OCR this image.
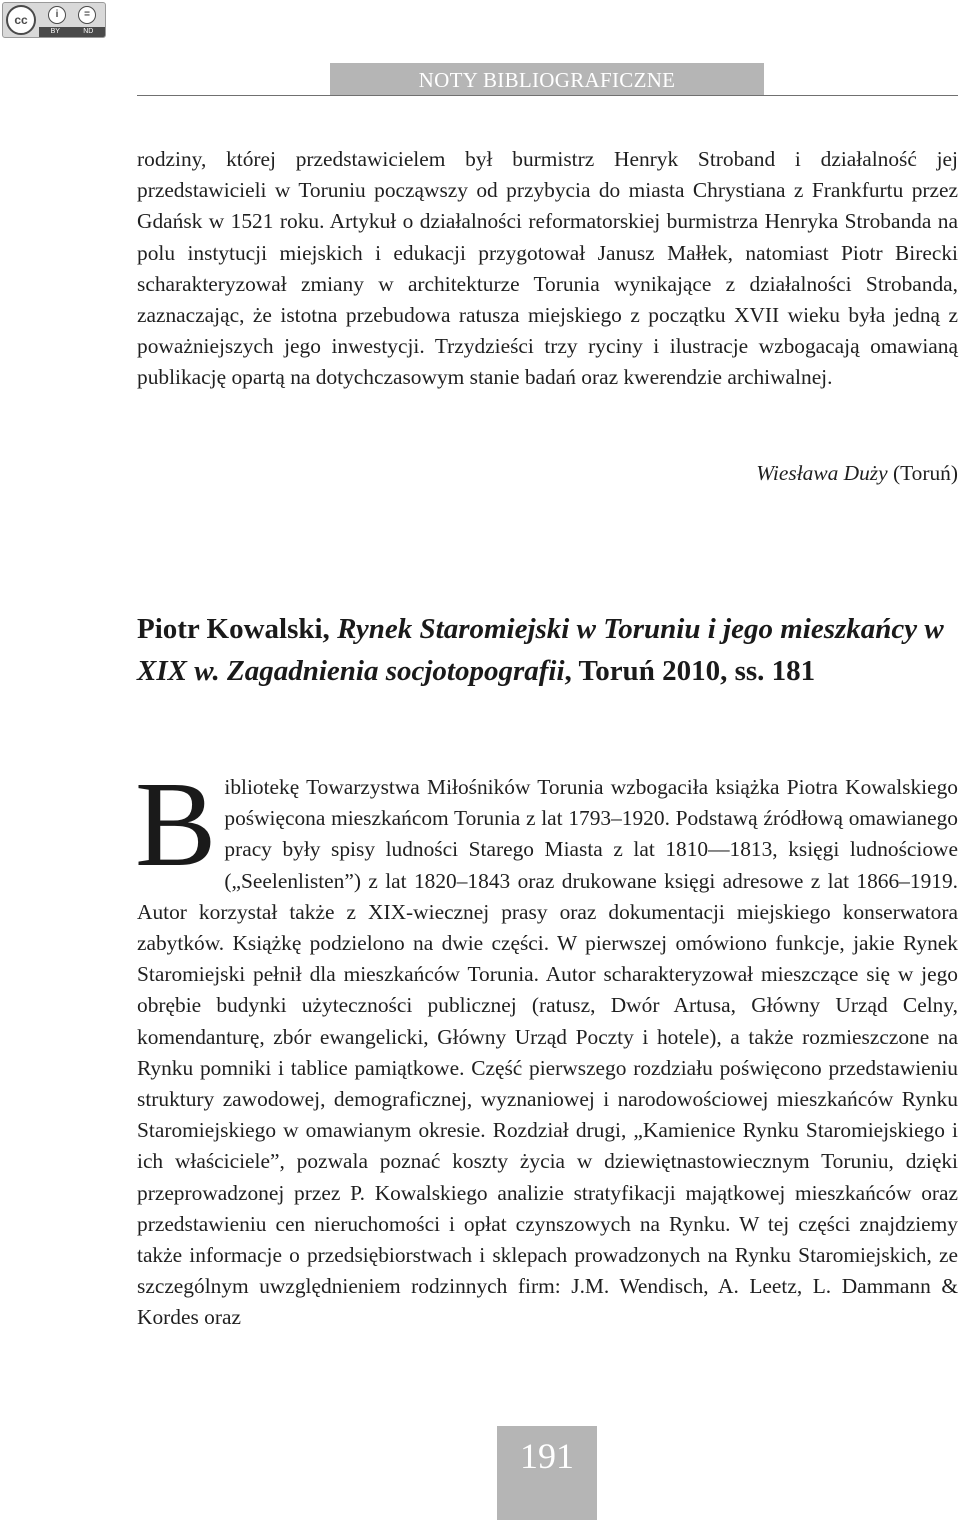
cc	i	=
BY	ND
NOTY BIBLIOGRAFICZNE

rodziny, której przedstawicielem był burmistrz Henryk Stroband i działalność jej przedstawicieli w Toruniu począwszy od przybycia do miasta Chrystiana z Frankfurtu przez Gdańsk w 1521 roku. Artykuł o działalności reformatorskiej burmistrza Henryka Strobanda na polu instytucji miejskich i edukacji przygotował Janusz Małłek, natomiast Piotr Birecki scharakteryzował zmiany w architekturze Torunia wynikające z działalności Strobanda, zaznaczając, że istotna przebudowa ratusza miejskiego z początku XVII wieku była jedną z poważniejszych jego inwestycji. Trzydzieści trzy ryciny i ilustracje wzbogacają omawianą publikację opartą na dotychczasowym stanie badań oraz kwerendzie archiwalnej.

Wiesława Duży (Toruń)
Piotr Kowalski, Rynek Staromiejski w Toruniu i jego mieszkańcy w XIX w. Zagadnienia socjotopografii, Toruń 2010, ss. 181

Bibliotekę Towarzystwa Miłośników Torunia wzbogaciła książka Piotra Kowalskiego poświęcona mieszkańcom Torunia z lat 1793–1920. Podstawą źródłową omawianego pracy były spisy ludności Starego Miasta z lat 1810––1813, księgi ludnościowe („Seelenlisten”) z lat 1820–1843 oraz drukowane księgi adresowe z lat 1866–1919. Autor korzystał także z XIX-wiecznej prasy oraz dokumentacji miejskiego konserwatora zabytków. Książkę podzielono na dwie części. W pierwszej omówiono funkcje, jakie Rynek Staromiejski pełnił dla mieszkańców Torunia. Autor scharakteryzował mieszczące się w jego obrębie budynki użyteczności publicznej (ratusz, Dwór Artusa, Główny Urząd Celny, komendanturę, zbór ewangelicki, Główny Urząd Poczty i hotele), a także rozmieszczone na Rynku pomniki i tablice pamiątkowe. Część pierwszego rozdziału poświęcono przedstawieniu struktury zawodowej, demograficznej, wyznaniowej i narodowościowej mieszkańców Rynku Staromiejskiego w omawianym okresie. Rozdział drugi, „Kamienice Rynku Staromiejskiego i ich właściciele”, pozwala poznać koszty życia w dziewiętnastowiecznym Toruniu, dzięki przeprowadzonej przez P. Kowalskiego analizie stratyfikacji majątkowej mieszkańców oraz przedstawieniu cen nieruchomości i opłat czynszowych na Rynku. W tej części znajdziemy także informacje o przedsiębiorstwach i sklepach prowadzonych na Rynku Staromiejskich, ze szczególnym uwzględnieniem rodzinnych firm: J.M. Wendisch, A. Leetz, L. Dammann & Kordes oraz

191
